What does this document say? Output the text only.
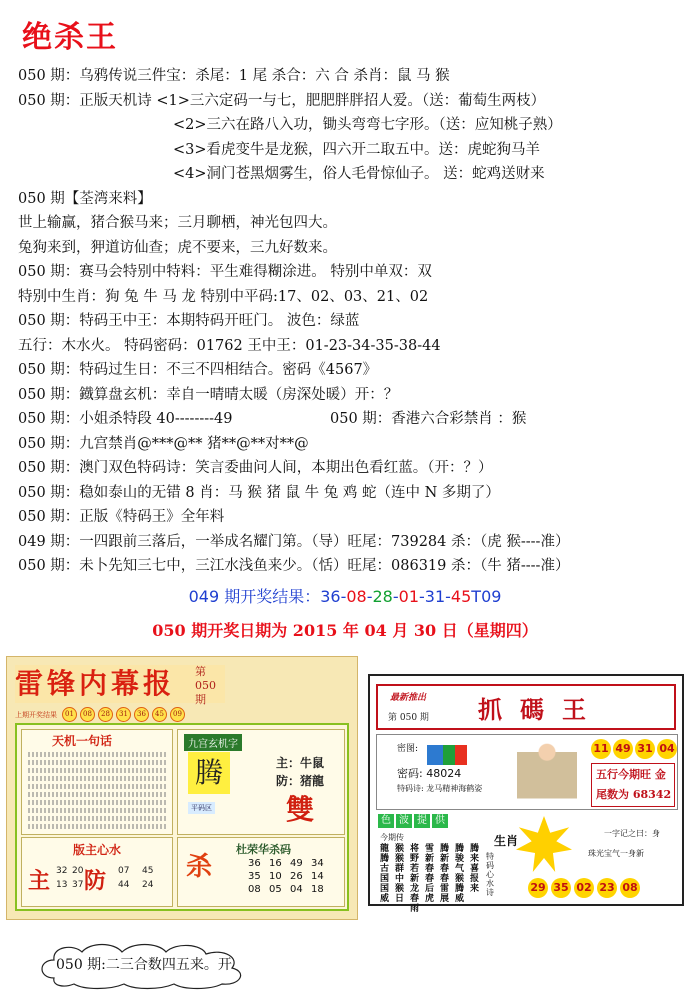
绝杀王
050 期：乌鸦传说三件宝：杀尾：1 尾 杀合：六 合 杀肖：鼠 马 猴
050 期：正版天机诗 <1>三六定码一与七，肥肥胖胖招人爱。（送：葡萄生两枝）
<2>三六在路八入功，锄头弯弯七字形。（送：应知桃子熟）
<3>看虎变牛是龙猴，四六开二取五中。送：虎蛇狗马羊
<4>洞门苍黑烟雾生，俗人毛骨惊仙子。 送：蛇鸡送财来
050 期【荃湾来料】
世上输赢，猪合猴马来；三月聊栖，神光包四大。
兔狗来到，狎道访仙查；虎不要来，三九好数来。
050 期：赛马会特别中特料：平生难得糊涂进。 特别中单双：双
特别中生肖：狗 兔 牛 马 龙 特别中平码:17、02、03、21、02
050 期：特码王中王：本期特码开旺门。 波色：绿蓝
五行：木水火。 特码密码：01762 王中王：01-23-34-35-38-44
050 期：特码过生日：不三不四相结合。密码《4567》
050 期：鐡算盘玄机：幸自一晴晴太暖（房深处暖）开：？
050 期：小姐杀特段 40--------49	050 期：香港六合彩禁肖 ：猴
050 期：九宫禁肖@***@** 猪**@**对**@
050 期：澳门双色特码诗：笑言委曲问人间，本期出色看红蓝。（开：？）
050 期：稳如泰山的无错 8 肖：马 猴 猪 鼠 牛 兔 鸡 蛇（连中 N 多期了）
050 期：正版《特码王》全年料
049 期：一四跟前三落后，一举成名耀门第。（导）旺尾：739284 杀：（虎 猴----准）
050 期：未卜先知三七中，三江水浅鱼来少。（恬）旺尾：086319 杀：（牛 猪----准）
049 期开奖结果：36-08-28-01-31-45T09
050 期开奖日期为 2015 年 04 月 30 日（星期四）
雷锋内幕报	第
050
期
上期开奖结果	01	08	28	31	36	45	09
天机一句话
版主心水
主 防
32
13
07 45
44 24
20
37
九宫玄机字
腾	主：牛鼠
防：猪龍
雙
平码区
杀
杜荣华杀码
36 16 49 34
35 10 26 14
08 05 04 18
最新推出
第 050 期 抓碼王
密图:
密码: 48024
特码诗: 龙马精神海鹤姿
11 49 31 04
五行今期旺 金
尾数为 68342
色 波 提 供
今期传
龍腾古国国威
猴猴群中猴日
将野若新龙春雨
雪新春春后虎
腾新春春雷展
腾骏气猴腾威
腾来喜报来
生肖
特码心水诗
一字记之曰：身
珠光宝气一身新
29 35 02 23 08
050 期:二三合数四五来。开
